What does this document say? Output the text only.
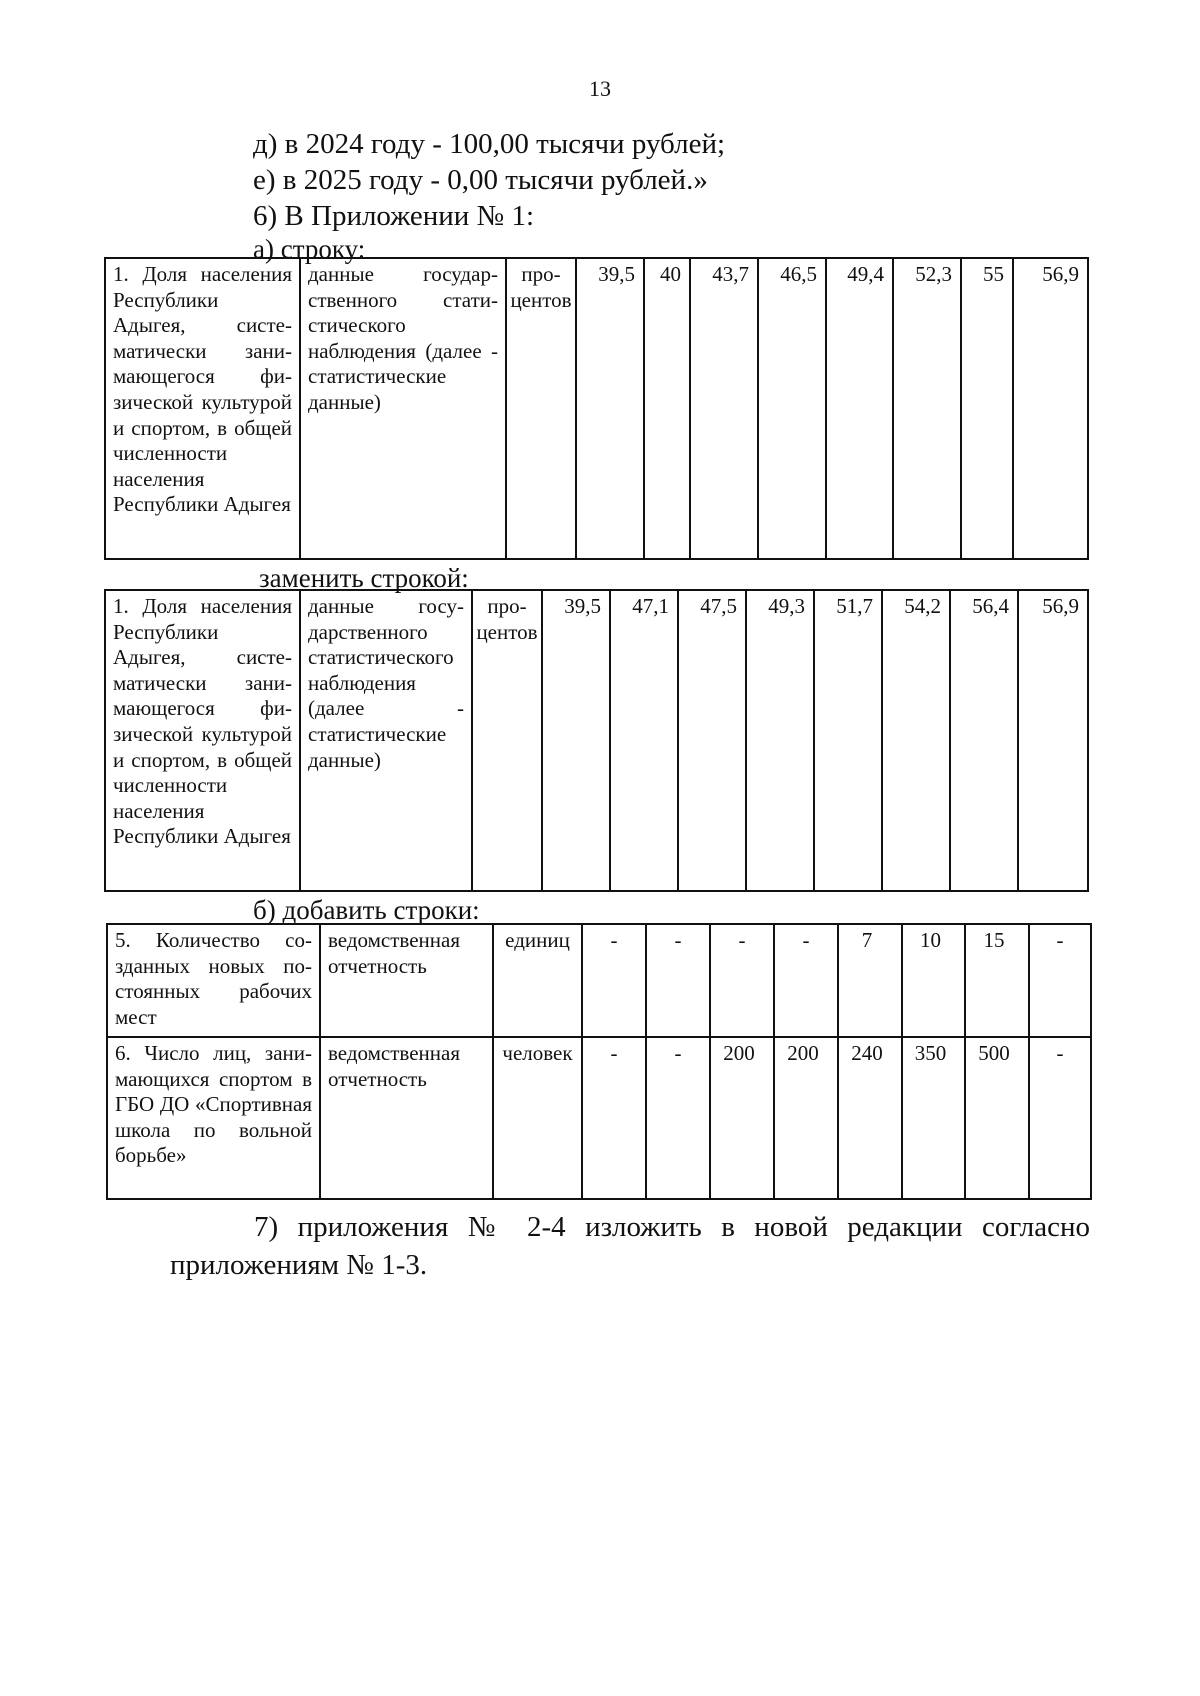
13
д) в 2024 году - 100,00 тысячи рублей;
е) в 2025 году - 0,00 тысячи рублей.»
6) В Приложении № 1:
а) строку:
1. Доля населения Республики Адыгея, систематически занимающегося физической культурой и спортом, в общей численности населения Республики Адыгея	данные государственного статистического наблюдения (далее - статистические данные)	процентов	39,5	40	43,7	46,5	49,4	52,3	55	56,9
заменить строкой:
1. Доля населения Республики Адыгея, систематически занимающегося физической культурой и спортом, в общей численности населения Республики Адыгея	данные государственного статистического наблюдения (далее - статистические данные)	процентов	39,5	47,1	47,5	49,3	51,7	54,2	56,4	56,9
б) добавить строки:
5. Количество созданных новых постоянных рабочих мест	ведомственная отчетность	единиц	-	-	-	-	7	10	15	-
6. Число лиц, занимающихся спортом в ГБО ДО «Спортивная школа по вольной борьбе»	ведомственная отчетность	человек	-	-	200	200	240	350	500	-
7) приложения № 2-4 изложить в новой редакции согласно приложениям № 1-3.
